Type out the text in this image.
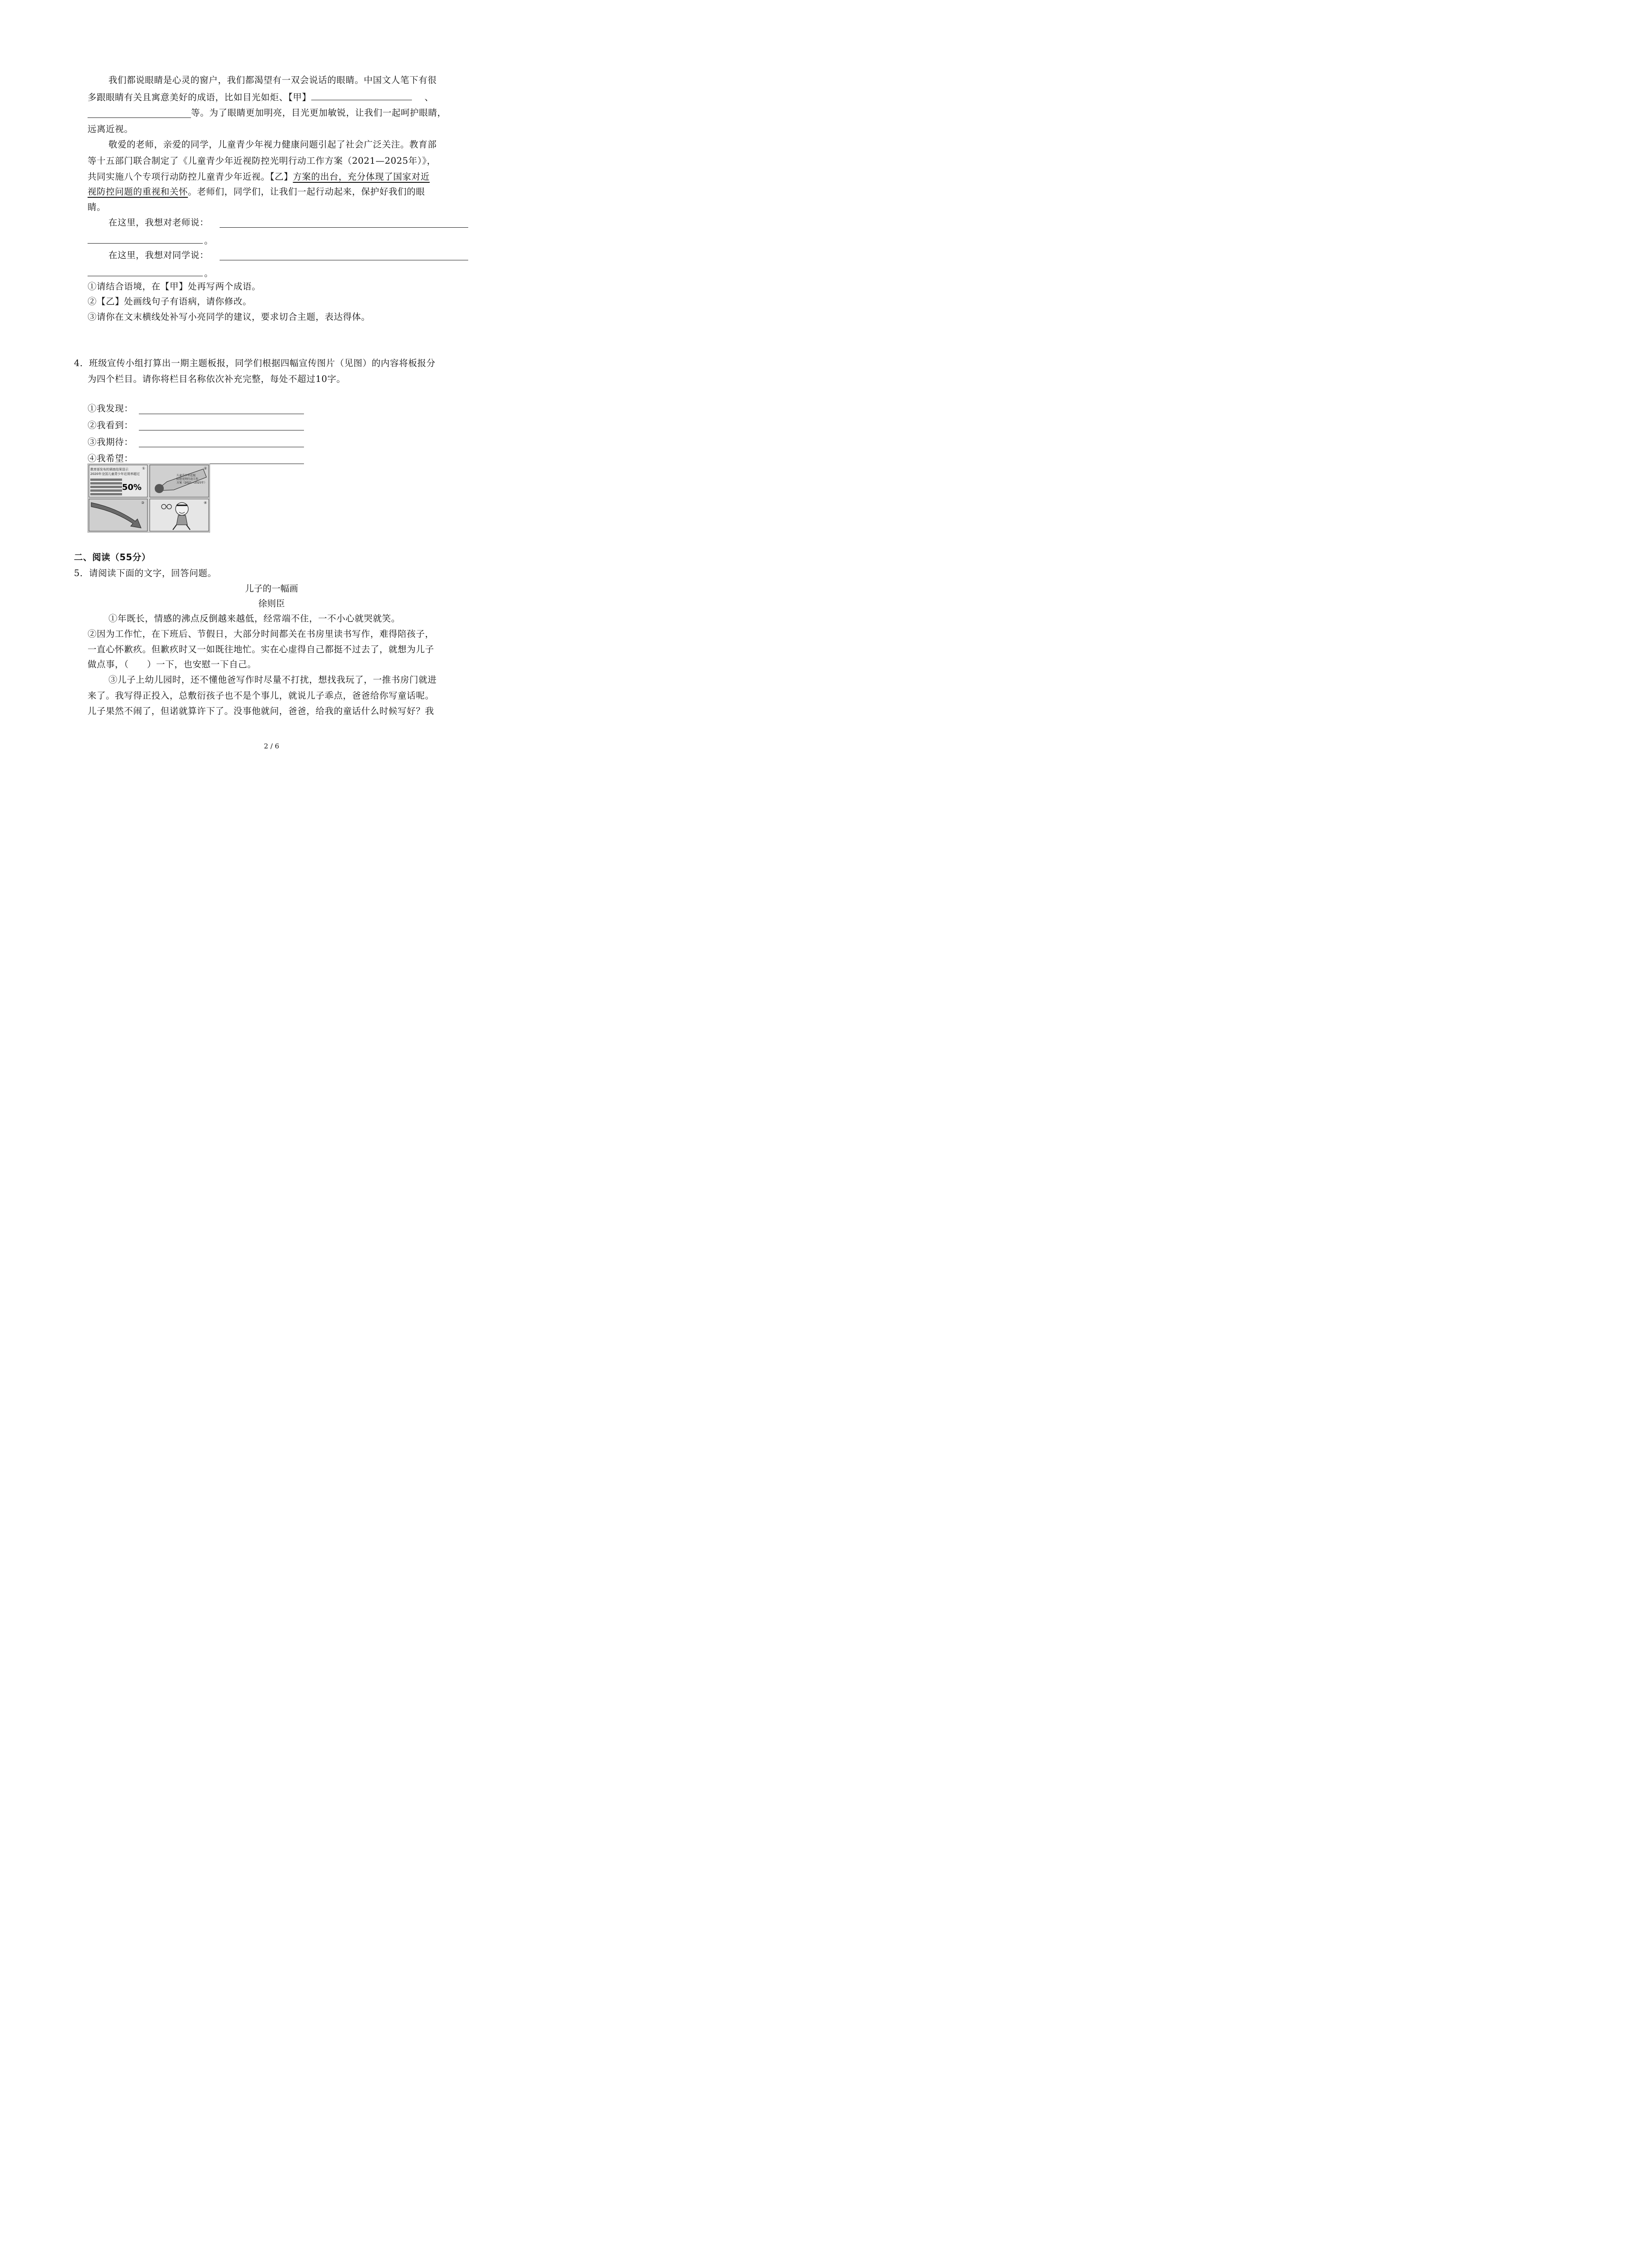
我们都说眼睛是心灵的窗户，我们都渴望有一双会说话的眼睛。中国文人笔下有很
多跟眼睛有关且寓意美好的成语，比如目光如炬、【甲】	、
等。为了眼睛更加明亮，目光更加敏锐，让我们一起呵护眼睛，
远离近视。
敬爱的老师，亲爱的同学，儿童青少年视力健康问题引起了社会广泛关注。教育部
等十五部门联合制定了《儿童青少年近视防控光明行动工作方案（2021—2025年）》，
共同实施八个专项行动防控儿童青少年近视。【乙】方案的出台，充分体现了国家对近
视防控问题的重视和关怀。老师们，同学们，让我们一起行动起来，保护好我们的眼
睛。
在这里，我想对老师说：
。
在这里，我想对同学说：
。
①请结合语境，在【甲】处再写两个成语。
②【乙】处画线句子有语病，请你修改。
③请你在文末横线处补写小亮同学的建议，要求切合主题，表达得体。
4．班级宣传小组打算出一期主题板报，同学们根据四幅宣传图片（见图）的内容将板报分
为四个栏目。请你将栏目名称依次补充完整，每处不超过10字。
①我发现：
②我看到：
③我期待：
④我希望：
教育部发布的调查结果显示
2020年全国儿童青少年近视率超过
50%
①
儿童青少年近视
防控光明行动工作
方案（2021—2025年）
②
③	④
二、阅读（55分）
5．请阅读下面的文字，回答问题。
儿子的一幅画
徐则臣
①年既长，情感的沸点反倒越来越低，经常端不住，一不小心就哭就笑。
②因为工作忙，在下班后、节假日，大部分时间都关在书房里读书写作，难得陪孩子，
一直心怀歉疚。但歉疚时又一如既往地忙。实在心虚得自己都挺不过去了，就想为儿子
做点事，（　　）一下，也安慰一下自己。
③儿子上幼儿园时，还不懂他爸写作时尽量不打扰，想找我玩了，一推书房门就进
来了。我写得正投入，总敷衍孩子也不是个事儿，就说儿子乖点，爸爸给你写童话呢。
儿子果然不闹了，但诺就算许下了。没事他就问，爸爸，给我的童话什么时候写好？我
2 / 6
